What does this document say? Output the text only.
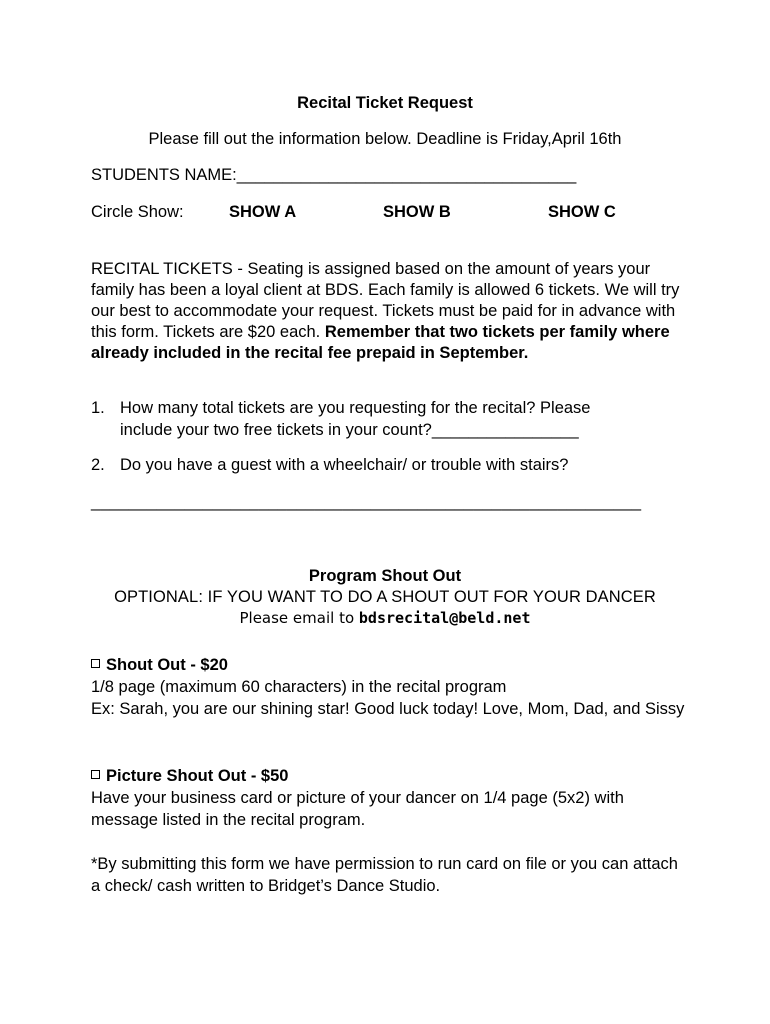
Recital Ticket Request
Please fill out the information below. Deadline is Friday,April 16th
STUDENTS NAME:_____________________________________
Circle Show:	SHOW A	SHOW B	SHOW C
RECITAL TICKETS - Seating is assigned based on the amount of years your family has been a loyal client at BDS. Each family is allowed 6 tickets. We will try our best to accommodate your request. Tickets must be paid for in advance with this form. Tickets are $20 each. Remember that two tickets per family where already included in the recital fee prepaid in September.
1. How many total tickets are you requesting for the recital? Please include your two free tickets in your count?________________
2. Do you have a guest with a wheelchair/ or trouble with stairs?
___________________________________________________________
Program Shout Out
OPTIONAL: IF YOU WANT TO DO A SHOUT OUT FOR YOUR DANCER
Please email to bdsrecital@beld.net
Shout Out - $20
1/8 page (maximum 60 characters) in the recital program
Ex: Sarah, you are our shining star! Good luck today! Love, Mom, Dad, and Sissy
Picture Shout Out - $50
Have your business card or picture of your dancer on 1/4 page (5x2) with message listed in the recital program.
*By submitting this form we have permission to run card on file or you can attach a check/ cash written to Bridget’s Dance Studio.
